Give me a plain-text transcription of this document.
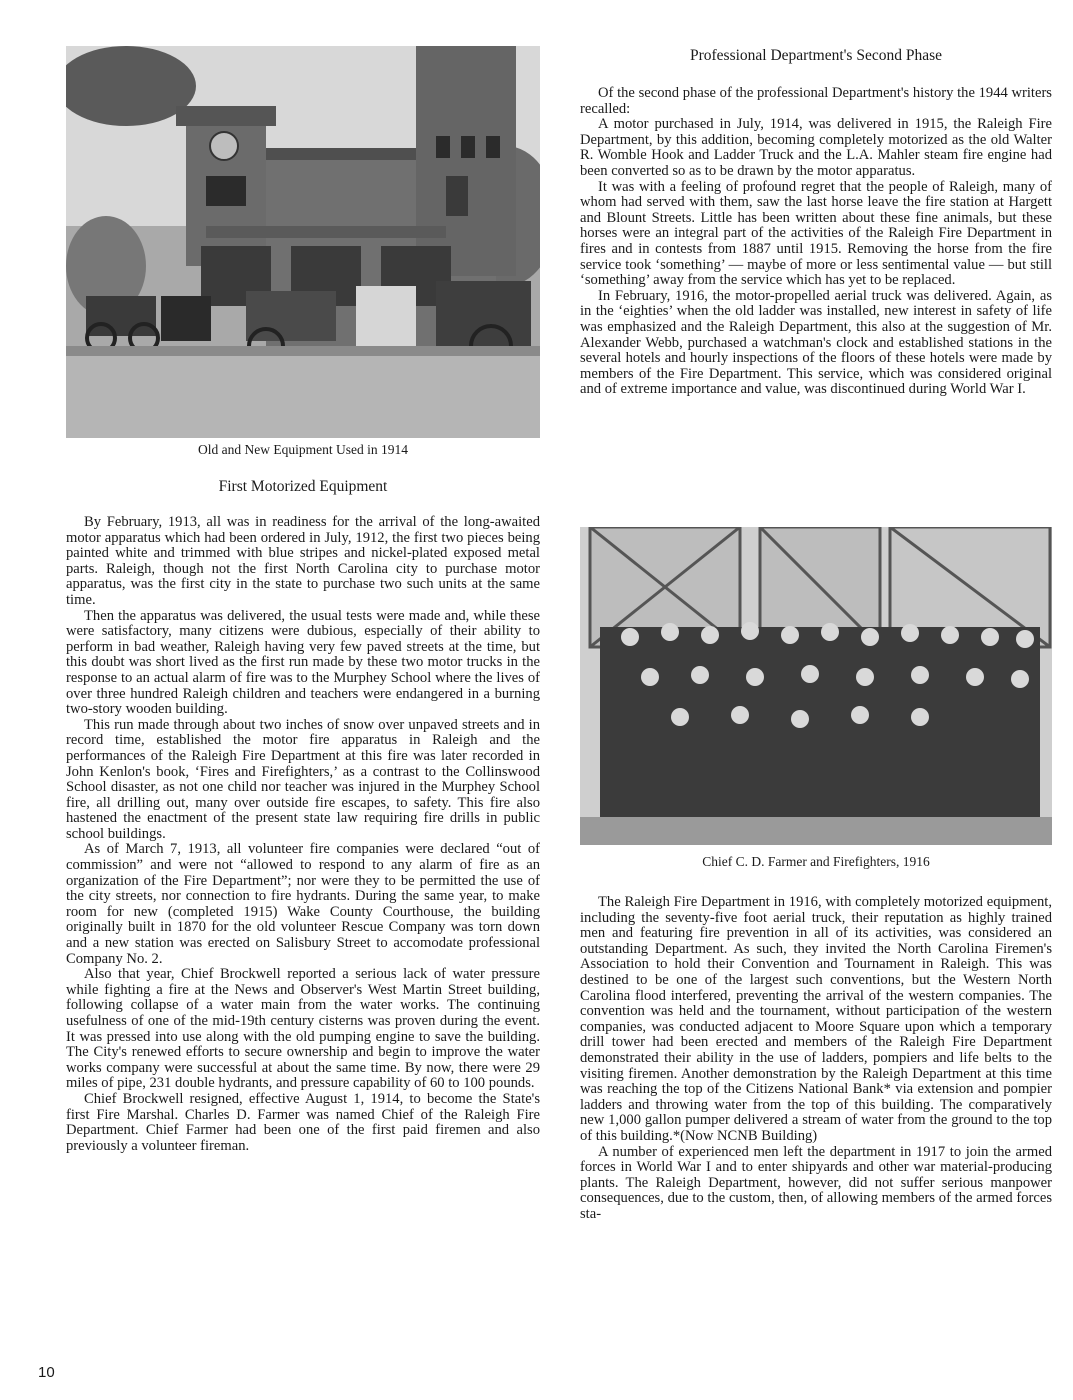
Old and New Equipment Used in 1914
First Motorized Equipment

By February, 1913, all was in readiness for the arrival of the long-awaited motor apparatus which had been ordered in July, 1912, the first two pieces being painted white and trimmed with blue stripes and nickel-plated exposed metal parts. Raleigh, though not the first North Carolina city to purchase motor apparatus, was the first city in the state to purchase two such units at the same time.

Then the apparatus was delivered, the usual tests were made and, while these were satisfactory, many citizens were dubious, especially of their ability to perform in bad weather, Raleigh having very few paved streets at the time, but this doubt was short lived as the first run made by these two motor trucks in the response to an actual alarm of fire was to the Murphey School where the lives of over three hundred Raleigh children and teachers were endangered in a burning two-story wooden building.

This run made through about two inches of snow over unpaved streets and in record time, established the motor fire apparatus in Raleigh and the performances of the Raleigh Fire Department at this fire was later recorded in John Kenlon's book, ‘Fires and Firefighters,’ as a contrast to the Collinswood School disaster, as not one child nor teacher was injured in the Murphey School fire, all drilling out, many over outside fire escapes, to safety. This fire also hastened the enactment of the present state law requiring fire drills in public school buildings.

As of March 7, 1913, all volunteer fire companies were declared “out of commission” and were not “allowed to respond to any alarm of fire as an organization of the Fire Department”; nor were they to be permitted the use of the city streets, nor connection to fire hydrants. During the same year, to make room for new (completed 1915) Wake County Courthouse, the building originally built in 1870 for the old volunteer Rescue Company was torn down and a new station was erected on Salisbury Street to accomodate professional Company No. 2.

Also that year, Chief Brockwell reported a serious lack of water pressure while fighting a fire at the News and Observer's West Martin Street building, following collapse of a water main from the water works. The continuing usefulness of one of the mid-19th century cisterns was proven during the event. It was pressed into use along with the old pumping engine to save the building. The City's renewed efforts to secure ownership and begin to improve the water works company were successful at about the same time. By now, there were 29 miles of pipe, 231 double hydrants, and pressure capability of 60 to 100 pounds.

Chief Brockwell resigned, effective August 1, 1914, to become the State's first Fire Marshal. Charles D. Farmer was named Chief of the Raleigh Fire Department. Chief Farmer had been one of the first paid firemen and also previously a volunteer fireman.

Professional Department's Second Phase

Of the second phase of the professional Department's history the 1944 writers recalled:

A motor purchased in July, 1914, was delivered in 1915, the Raleigh Fire Department, by this addition, becoming completely motorized as the old Walter R. Womble Hook and Ladder Truck and the L.A. Mahler steam fire engine had been converted so as to be drawn by the motor apparatus.

It was with a feeling of profound regret that the people of Raleigh, many of whom had served with them, saw the last horse leave the fire station at Hargett and Blount Streets. Little has been written about these fine animals, but these horses were an integral part of the activities of the Raleigh Fire Department in fires and in contests from 1887 until 1915. Removing the horse from the fire service took ‘something’ — maybe of more or less sentimental value — but still ‘something’ away from the service which has yet to be replaced.

In February, 1916, the motor-propelled aerial truck was delivered. Again, as in the ‘eighties’ when the old ladder was installed, new interest in safety of life was emphasized and the Raleigh Department, this also at the suggestion of Mr. Alexander Webb, purchased a watchman's clock and established stations in the several hotels and hourly inspections of the floors of these hotels were made by members of the Fire Department. This service, which was considered original and of extreme importance and value, was discontinued during World War I.

Chief C. D. Farmer and Firefighters, 1916

The Raleigh Fire Department in 1916, with completely motorized equipment, including the seventy-five foot aerial truck, their reputation as highly trained men and featuring fire prevention in all of its activities, was considered an outstanding Department. As such, they invited the North Carolina Firemen's Association to hold their Convention and Tournament in Raleigh. This was destined to be one of the largest such conventions, but the Western North Carolina flood interfered, preventing the arrival of the western companies. The convention was held and the tournament, without participation of the western companies, was conducted adjacent to Moore Square upon which a temporary drill tower had been erected and members of the Raleigh Fire Department demonstrated their ability in the use of ladders, pompiers and life belts to the visiting firemen. Another demonstration by the Raleigh Department at this time was reaching the top of the Citizens National Bank* via extension and pompier ladders and throwing water from the top of this building. The comparatively new 1,000 gallon pumper delivered a stream of water from the ground to the top of this building.*(Now NCNB Building)

A number of experienced men left the department in 1917 to join the armed forces in World War I and to enter shipyards and other war material-producing plants. The Raleigh Department, however, did not suffer serious manpower consequences, due to the custom, then, of allowing members of the armed forces sta-

10
